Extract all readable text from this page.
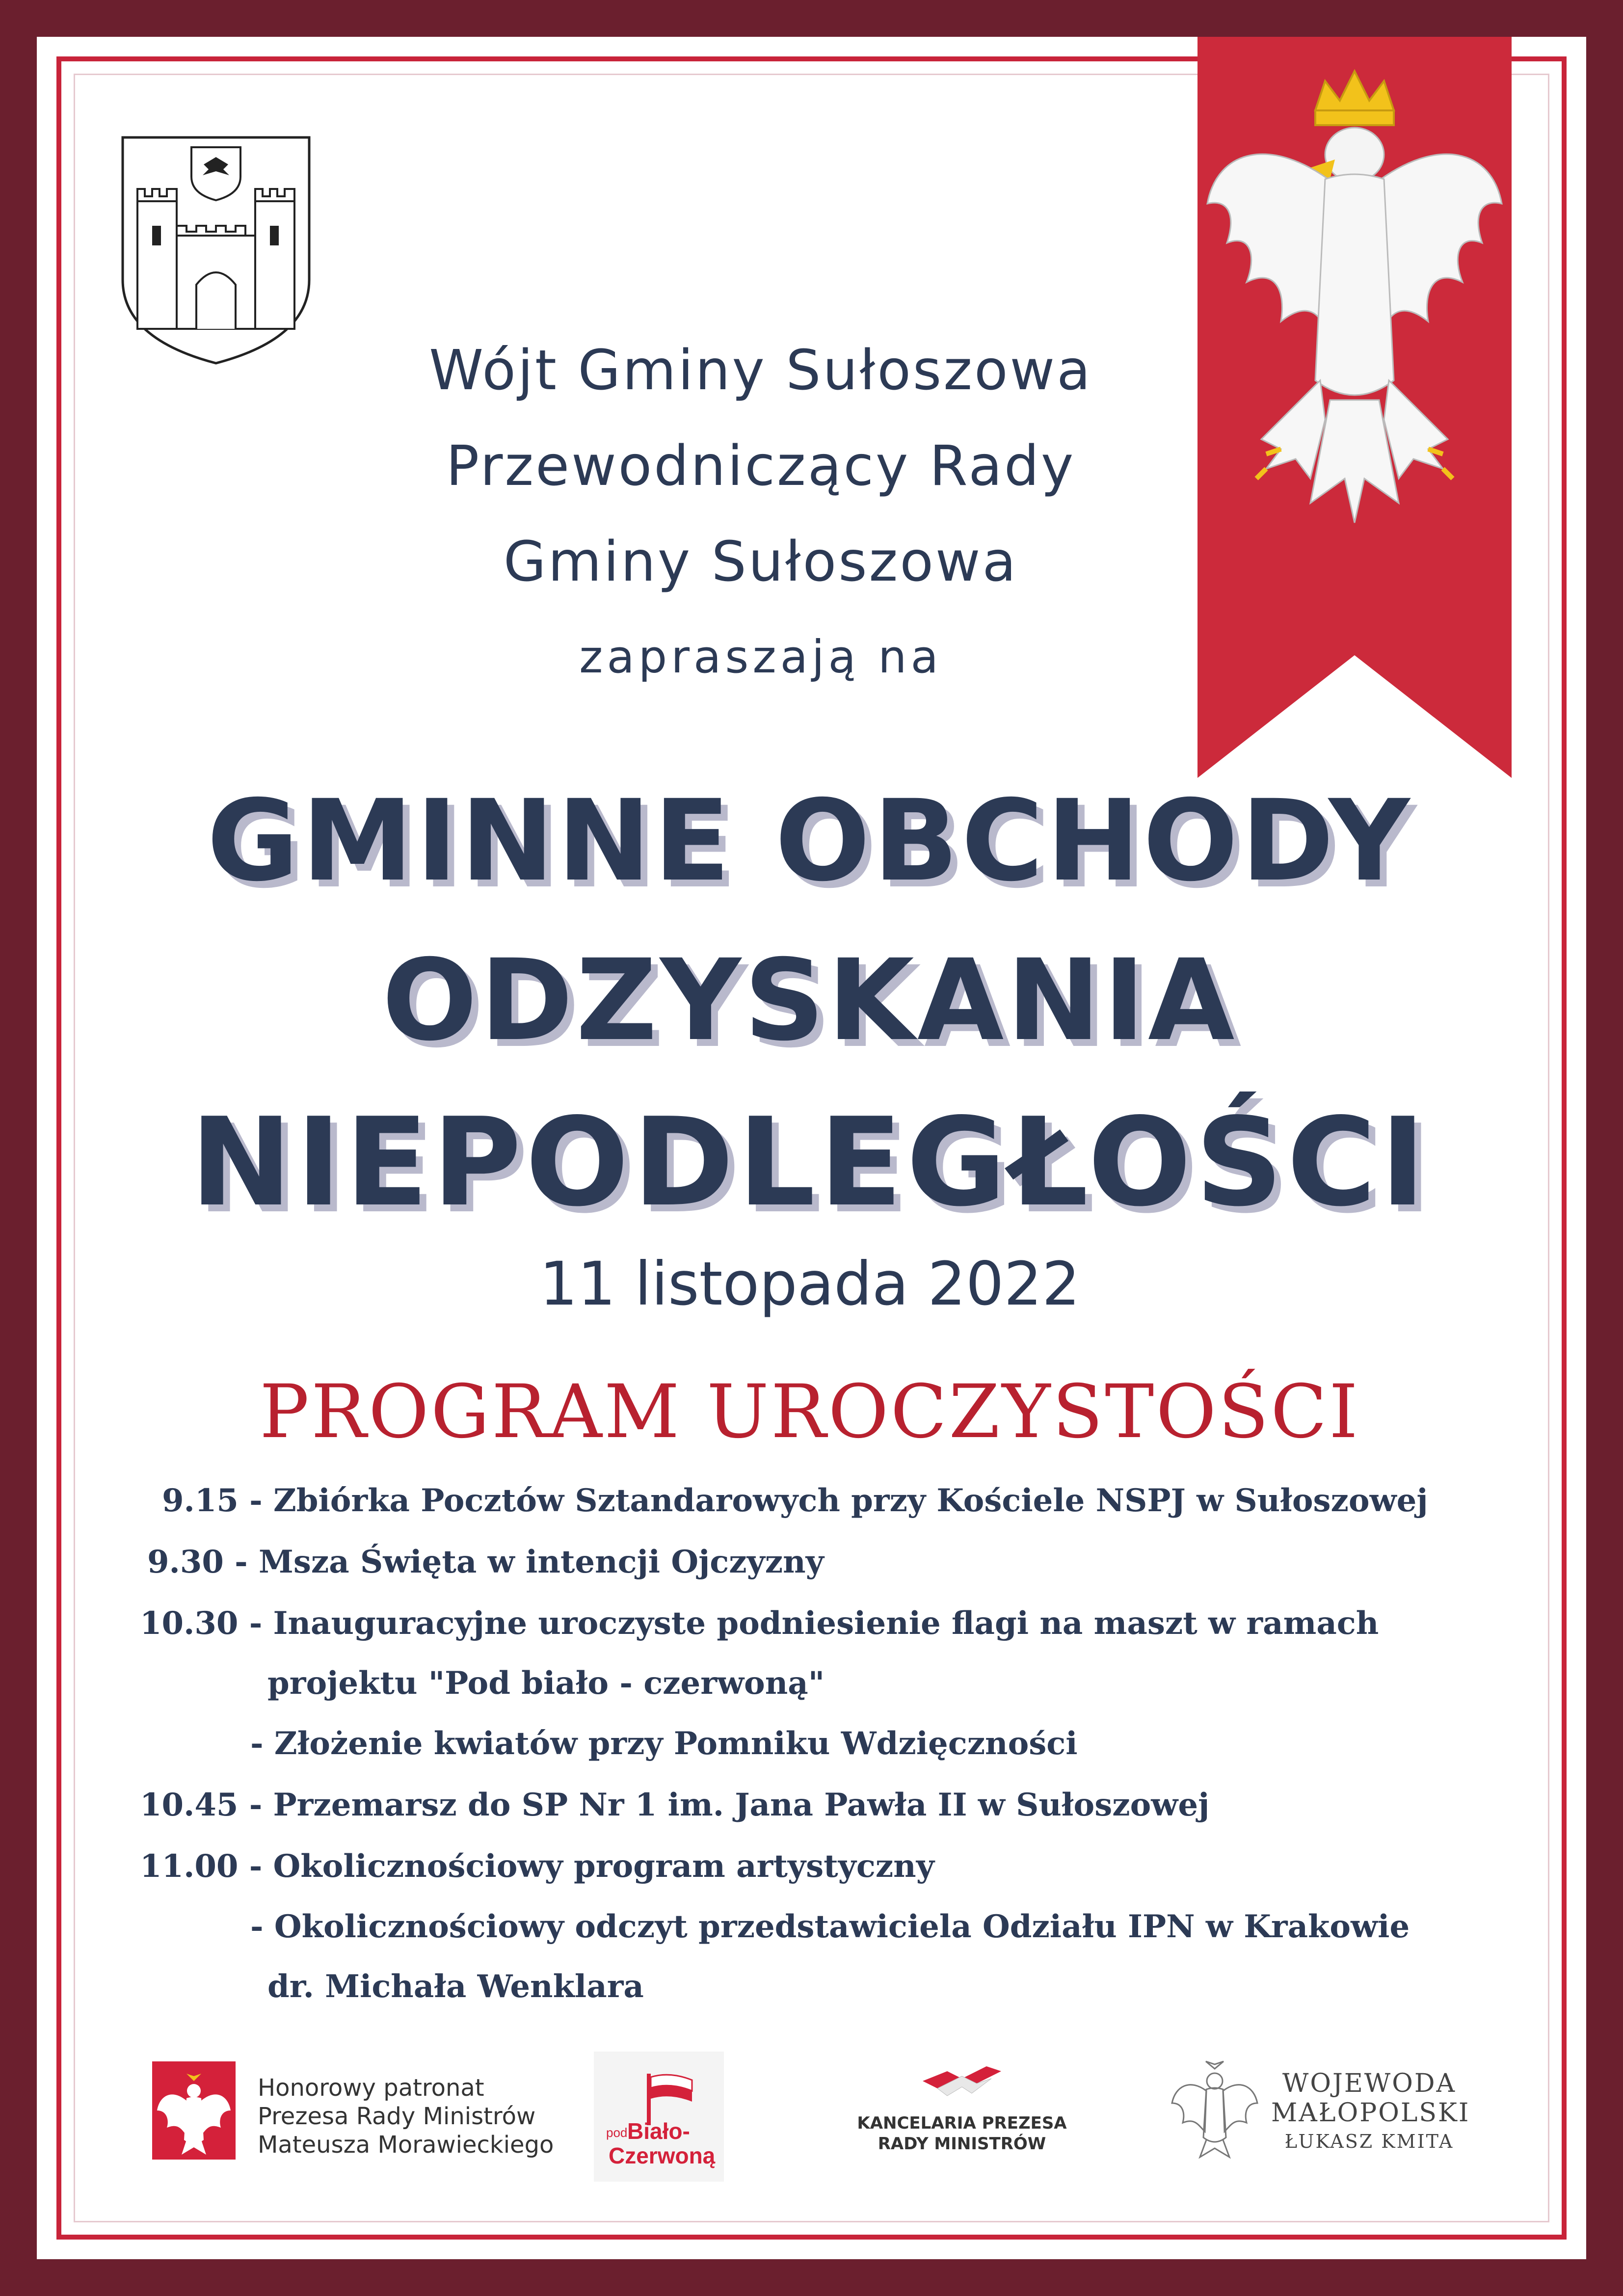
Wójt Gminy Sułoszowa
Przewodniczący Rady
Gminy Sułoszowa
zapraszają na
GMINNE OBCHODY
ODZYSKANIA
NIEPODLEGŁOŚCI
11 listopada 2022
PROGRAM UROCZYSTOŚCI
9.15 - Zbiórka Pocztów Sztandarowych przy Kościele NSPJ w Sułoszowej
9.30 - Msza Święta w intencji Ojczyzny
10.30 - Inauguracyjne uroczyste podniesienie flagi na maszt w ramach
projektu "Pod biało - czerwoną"
- Złożenie kwiatów przy Pomniku Wdzięczności
10.45 - Przemarsz do SP Nr 1 im. Jana Pawła II w Sułoszowej
11.00 - Okolicznościowy program artystyczny
- Okolicznościowy odczyt przedstawiciela Odziału IPN w Krakowie
dr. Michała Wenklara
Honorowy patronat
Prezesa Rady Ministrów
Mateusza Morawieckiego	pod Biało-
Czerwoną
KANCELARIA PREZESA
RADY MINISTRÓW
WOJEWODA
MAŁOPOLSKI
ŁUKASZ KMITA
